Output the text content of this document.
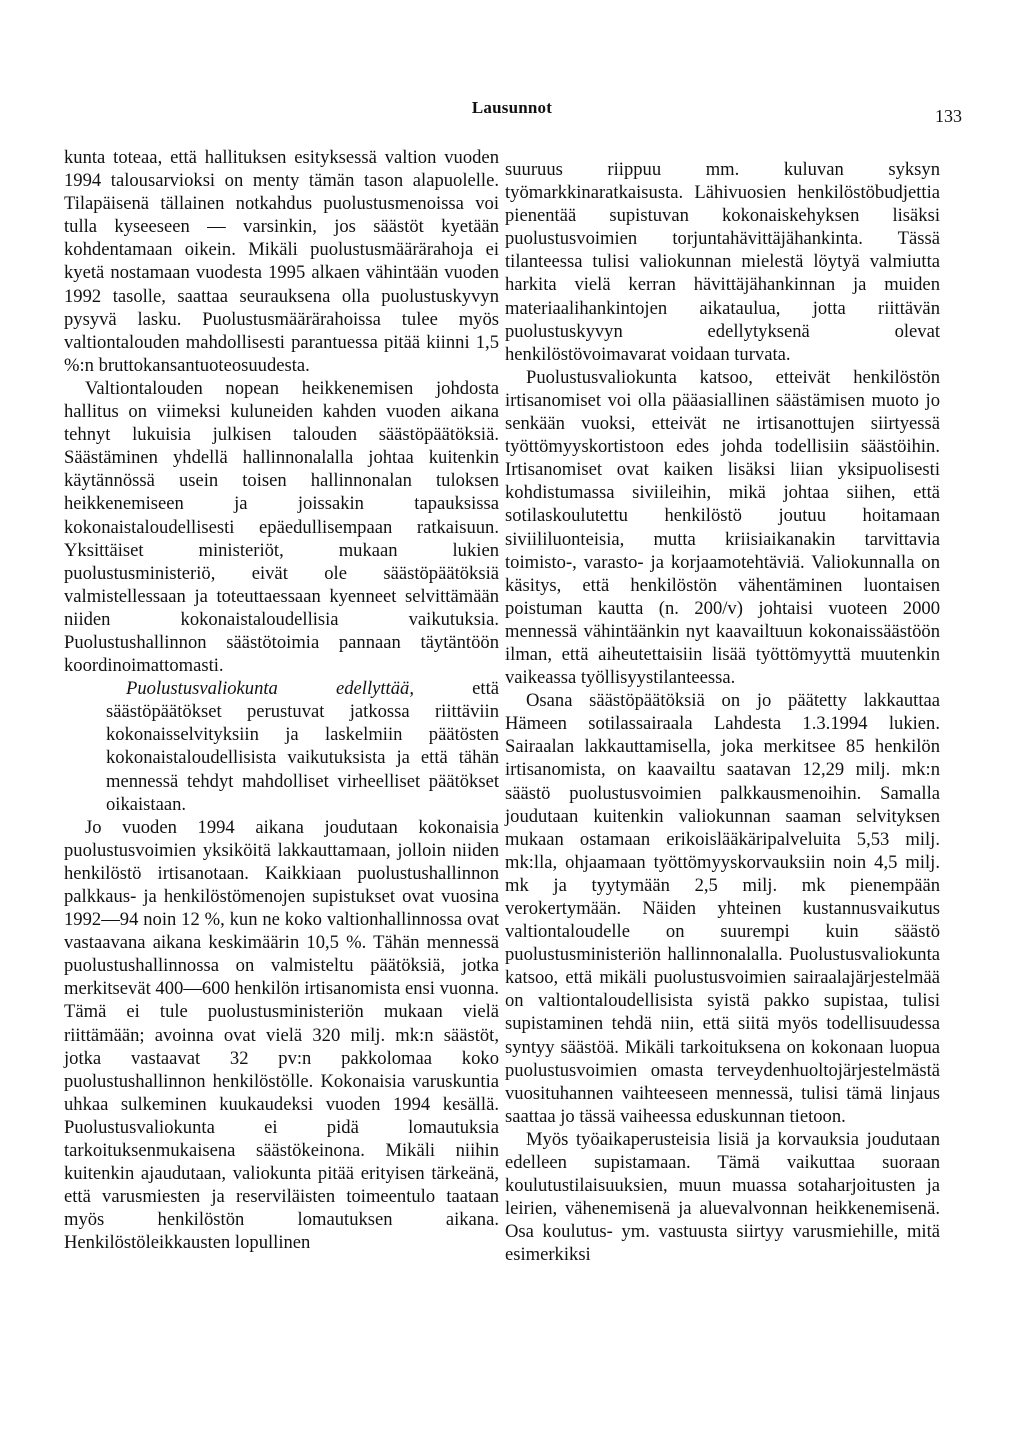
Lausunnot	133

kunta toteaa, että hallituksen esityksessä valtion vuoden 1994 talousarvioksi on menty tämän tason alapuolelle. Tilapäisenä tällainen notkahdus puolustusmenoissa voi tulla kyseeseen — varsinkin, jos säästöt kyetään kohdentamaan oikein. Mikäli puolustusmäärärahoja ei kyetä nostamaan vuodesta 1995 alkaen vähintään vuoden 1992 tasolle, saattaa seurauksena olla puolustuskyvyn pysyvä lasku. Puolustusmäärärahoissa tulee myös valtiontalouden mahdollisesti parantuessa pitää kiinni 1,5 %:n bruttokansantuoteosuudesta.

Valtiontalouden nopean heikkenemisen johdosta hallitus on viimeksi kuluneiden kahden vuoden aikana tehnyt lukuisia julkisen talouden säästöpäätöksiä. Säästäminen yhdellä hallinnonalalla johtaa kuitenkin käytännössä usein toisen hallinnonalan tuloksen heikkenemiseen ja joissakin tapauksissa kokonaistaloudellisesti epäedullisempaan ratkaisuun. Yksittäiset ministeriöt, mukaan lukien puolustusministeriö, eivät ole säästöpäätöksiä valmistellessaan ja toteuttaessaan kyenneet selvittämään niiden kokonaistaloudellisia vaikutuksia. Puolustushallinnon säästötoimia pannaan täytäntöön koordinoimattomasti.

Puolustusvaliokunta edellyttää, että säästöpäätökset perustuvat jatkossa riittäviin kokonaisselvityksiin ja laskelmiin päätösten kokonaistaloudellisista vaikutuksista ja että tähän mennessä tehdyt mahdolliset virheelliset päätökset oikaistaan.

Jo vuoden 1994 aikana joudutaan kokonaisia puolustusvoimien yksiköitä lakkauttamaan, jolloin niiden henkilöstö irtisanotaan. Kaikkiaan puolustushallinnon palkkaus- ja henkilöstömenojen supistukset ovat vuosina 1992—94 noin 12 %, kun ne koko valtionhallinnossa ovat vastaavana aikana keskimäärin 10,5 %. Tähän mennessä puolustushallinnossa on valmisteltu päätöksiä, jotka merkitsevät 400—600 henkilön irtisanomista ensi vuonna. Tämä ei tule puolustusministeriön mukaan vielä riittämään; avoinna ovat vielä 320 milj. mk:n säästöt, jotka vastaavat 32 pv:n pakkolomaa koko puolustushallinnon henkilöstölle. Kokonaisia varuskuntia uhkaa sulkeminen kuukaudeksi vuoden 1994 kesällä. Puolustusvaliokunta ei pidä lomautuksia tarkoituksenmukaisena säästökeinona. Mikäli niihin kuitenkin ajaudutaan, valiokunta pitää erityisen tärkeänä, että varusmiesten ja reserviläisten toimeentulo taataan myös henkilöstön lomautuksen aikana. Henkilöstöleikkausten lopullinen

suuruus riippuu mm. kuluvan syksyn työmarkkinaratkaisusta. Lähivuosien henkilöstöbudjettia pienentää supistuvan kokonaiskehyksen lisäksi puolustusvoimien torjuntahävittäjähankinta. Tässä tilanteessa tulisi valiokunnan mielestä löytyä valmiutta harkita vielä kerran hävittäjähankinnan ja muiden materiaalihankintojen aikataulua, jotta riittävän puolustuskyvyn edellytyksenä olevat henkilöstövoimavarat voidaan turvata.

Puolustusvaliokunta katsoo, etteivät henkilöstön irtisanomiset voi olla pääasiallinen säästämisen muoto jo senkään vuoksi, etteivät ne irtisanottujen siirtyessä työttömyyskortistoon edes johda todellisiin säästöihin. Irtisanomiset ovat kaiken lisäksi liian yksipuolisesti kohdistumassa siviileihin, mikä johtaa siihen, että sotilaskoulutettu henkilöstö joutuu hoitamaan siviililuonteisia, mutta kriisiaikanakin tarvittavia toimisto-, varasto- ja korjaamotehtäviä. Valiokunnalla on käsitys, että henkilöstön vähentäminen luontaisen poistuman kautta (n. 200/v) johtaisi vuoteen 2000 mennessä vähintäänkin nyt kaavailtuun kokonaissäästöön ilman, että aiheutettaisiin lisää työttömyyttä muutenkin vaikeassa työllisyystilanteessa.

Osana säästöpäätöksiä on jo päätetty lakkauttaa Hämeen sotilassairaala Lahdesta 1.3.1994 lukien. Sairaalan lakkauttamisella, joka merkitsee 85 henkilön irtisanomista, on kaavailtu saatavan 12,29 milj. mk:n säästö puolustusvoimien palkkausmenoihin. Samalla joudutaan kuitenkin valiokunnan saaman selvityksen mukaan ostamaan erikoislääkäripalveluita 5,53 milj. mk:lla, ohjaamaan työttömyyskorvauksiin noin 4,5 milj. mk ja tyytymään 2,5 milj. mk pienempään verokertymään. Näiden yhteinen kustannusvaikutus valtiontaloudelle on suurempi kuin säästö puolustusministeriön hallinnonalalla. Puolustusvaliokunta katsoo, että mikäli puolustusvoimien sairaalajärjestelmää on valtiontaloudellisista syistä pakko supistaa, tulisi supistaminen tehdä niin, että siitä myös todellisuudessa syntyy säästöä. Mikäli tarkoituksena on kokonaan luopua puolustusvoimien omasta terveydenhuoltojärjestelmästä vuosituhannen vaihteeseen mennessä, tulisi tämä linjaus saattaa jo tässä vaiheessa eduskunnan tietoon.

Myös työaikaperusteisia lisiä ja korvauksia joudutaan edelleen supistamaan. Tämä vaikuttaa suoraan koulutustilaisuuksien, muun muassa sotaharjoitusten ja leirien, vähenemisenä ja aluevalvonnan heikkenemisenä. Osa koulutus- ym. vastuusta siirtyy varusmiehille, mitä esimerkiksi
